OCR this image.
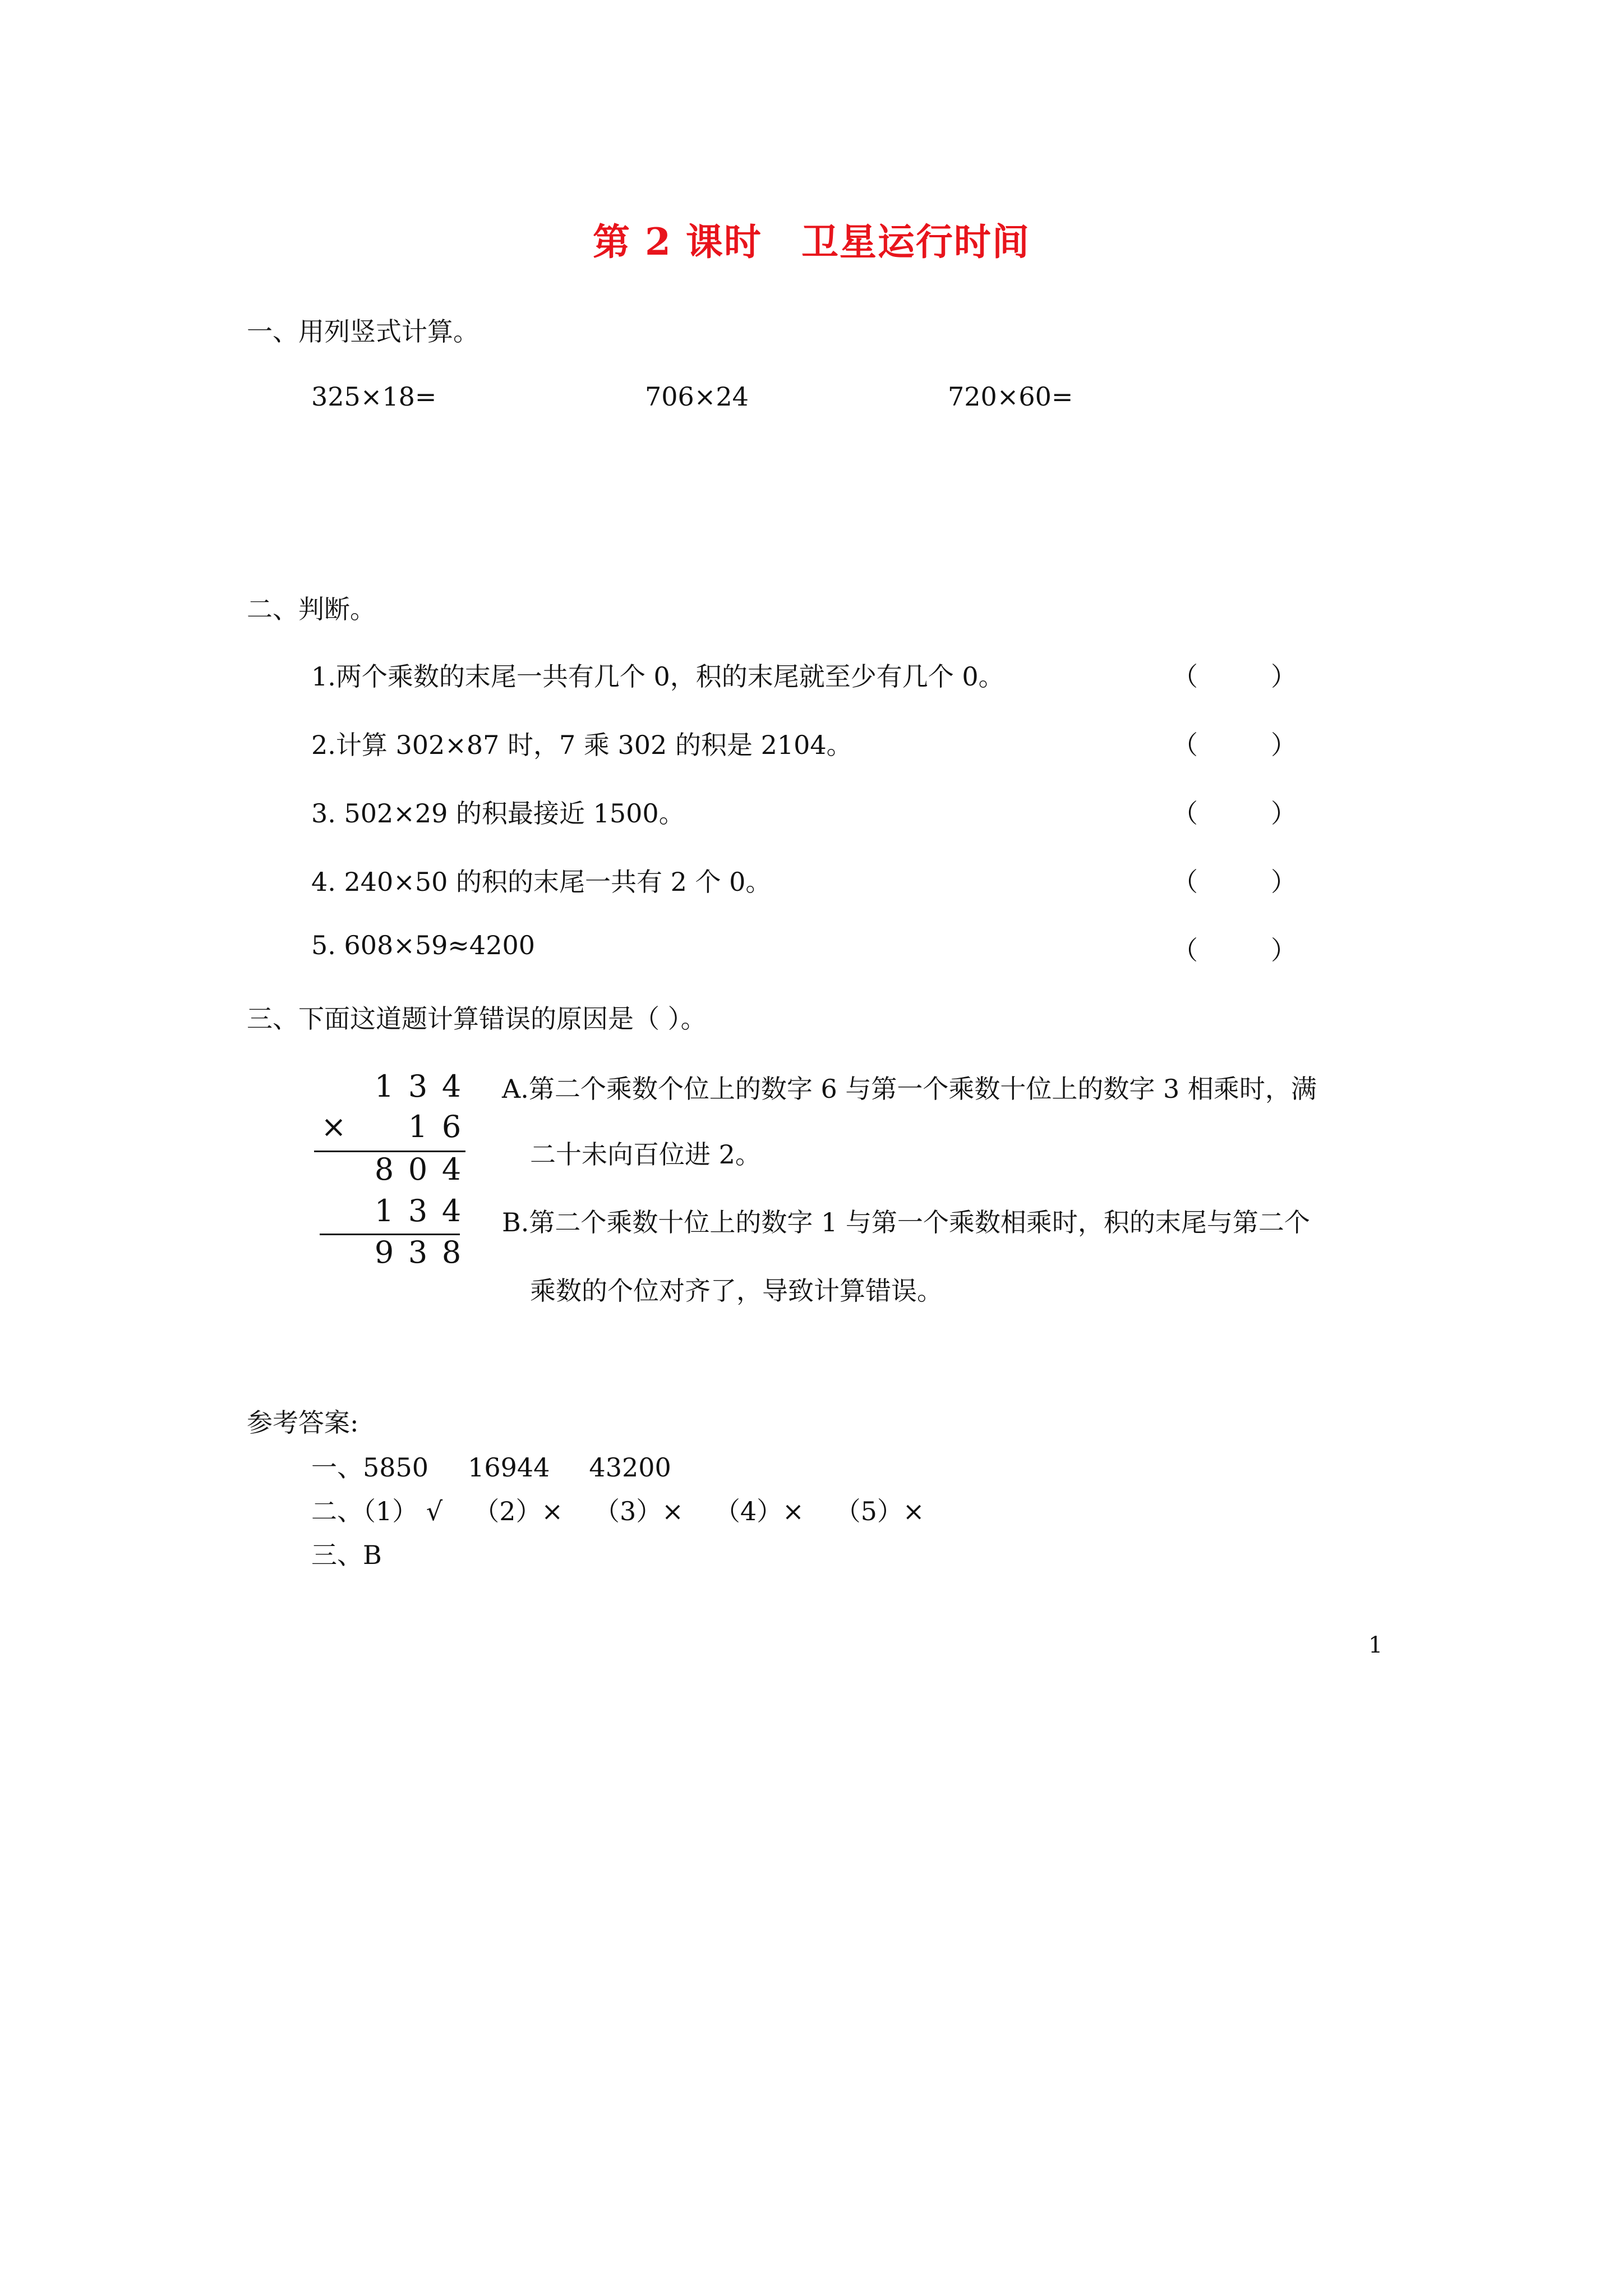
第 2 课时 卫星运行时间
一、用列竖式计算。
325×18=	706×24	720×60=
二、判断。
1.两个乘数的末尾一共有几个 0，积的末尾就至少有几个 0。	（	）
2.计算 302×87 时，7 乘 302 的积是 2104。	（	）
3. 502×29 的积最接近 1500。	（	）
4. 240×50 的积的末尾一共有 2 个 0。	（	）
5. 608×59≈4200	（	）
三、下面这道题计算错误的原因是（ ）。
1 3 4
× 1 6
8 0 4
1 3 4
9 3 8
A.第二个乘数个位上的数字 6 与第一个乘数十位上的数字 3 相乘时，满
二十未向百位进 2。
B.第二个乘数十位上的数字 1 与第一个乘数相乘时，积的末尾与第二个
乘数的个位对齐了，导致计算错误。
参考答案:
一、5850 16944 43200
二、（1） √ （2）× （3）× （4）× （5）×
三、B
1
